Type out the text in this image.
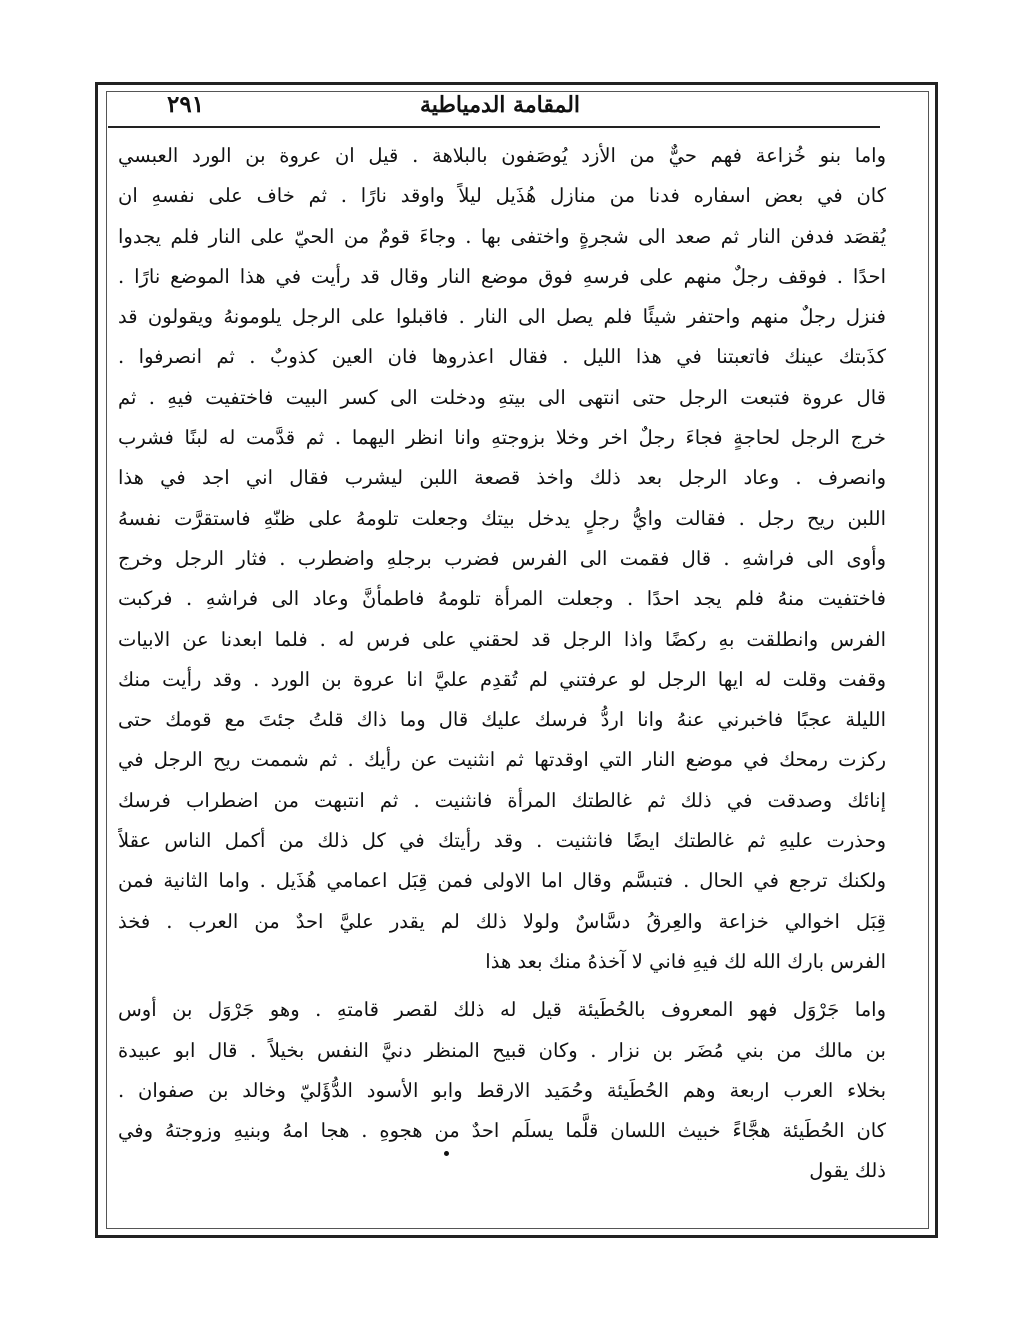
المقامة الدمياطية
٢٩١
واما بنو خُزاعة فهم حيٌّ من الأزد يُوصَفون بالبلاهة . قيل ان عروة بن الورد العبسي
كان في بعض اسفاره فدنا من منازل هُذَيل ليلاً واوقد نارًا . ثم خاف على نفسهِ ان
يُقصَد فدفن النار ثم صعد الى شجرةٍ واختفى بها . وجاءَ قومٌ من الحيّ على النار فلم يجدوا
احدًا . فوقف رجلٌ منهم على فرسهِ فوق موضع النار وقال قد رأيت في هذا الموضع نارًا .
فنزل رجلٌ منهم واحتفر شيئًا فلم يصل الى النار . فاقبلوا على الرجل يلومونهُ ويقولون قد
كذَبتك عينك فاتعبتنا في هذا الليل . فقال اعذروها فان العين كذوبٌ . ثم انصرفوا .
قال عروة فتبعت الرجل حتى انتهى الى بيتهِ ودخلت الى كسر البيت فاختفيت فيهِ . ثم
خرج الرجل لحاجةٍ فجاءَ رجلٌ اخر وخلا بزوجتهِ وانا انظر اليهما . ثم قدَّمت له لبنًا فشرب
وانصرف . وعاد الرجل بعد ذلك واخذ قصعة اللبن ليشرب فقال اني اجد في هذا
اللبن ريح رجل . فقالت وايُّ رجلٍ يدخل بيتك وجعلت تلومهُ على ظنّهِ فاستقرَّت نفسهُ
وأوى الى فراشهِ . قال فقمت الى الفرس فضرب برجلهِ واضطرب . فثار الرجل وخرج
فاختفيت منهُ فلم يجد احدًا . وجعلت المرأة تلومهُ فاطمأنَّ وعاد الى فراشهِ . فركبت
الفرس وانطلقت بهِ ركضًا واذا الرجل قد لحقني على فرس له . فلما ابعدنا عن الابيات
وقفت وقلت له ايها الرجل لو عرفتني لم تُقدِم عليَّ انا عروة بن الورد . وقد رأيت منك
الليلة عجبًا فاخبرني عنهُ وانا اردُّ فرسك عليك قال وما ذاك قلتُ جئتَ مع قومك حتى
ركزت رمحك في موضع النار التي اوقدتها ثم انثنيت عن رأيك . ثم شممت ريح الرجل في
إنائك وصدقت في ذلك ثم غالطتك المرأة فانثنيت . ثم انتبهت من اضطراب فرسك
وحذرت عليهِ ثم غالطتك ايضًا فانثنيت . وقد رأيتك في كل ذلك من أكمل الناس عقلاً
ولكنك ترجع في الحال . فتبسَّم وقال اما الاولى فمن قِبَل اعمامي هُذَيل . واما الثانية فمن
قِبَل اخوالي خزاعة والعِرقُ دسَّاسٌ ولولا ذلك لم يقدر عليَّ احدٌ من العرب . فخذ
الفرس بارك الله لك فيهِ فاني لا آخذهُ منك بعد هذا
واما جَرْوَل فهو المعروف بالحُطَيئة قيل له ذلك لقصر قامتهِ . وهو جَرْوَل بن أوس
بن مالك من بني مُضَر بن نزار . وكان قبيح المنظر دنيَّ النفس بخيلاً . قال ابو عبيدة
بخلاء العرب اربعة وهم الحُطَيئة وحُمَيد الارقط وابو الأسود الدُّؤَليّ وخالد بن صفوان .
كان الحُطَيئة هجَّاءً خبيث اللسان قلَّما يسلَم احدٌ من هجوهِ . هجا امهُ وبنيهِ وزوجتهُ وفي
ذلك يقول
